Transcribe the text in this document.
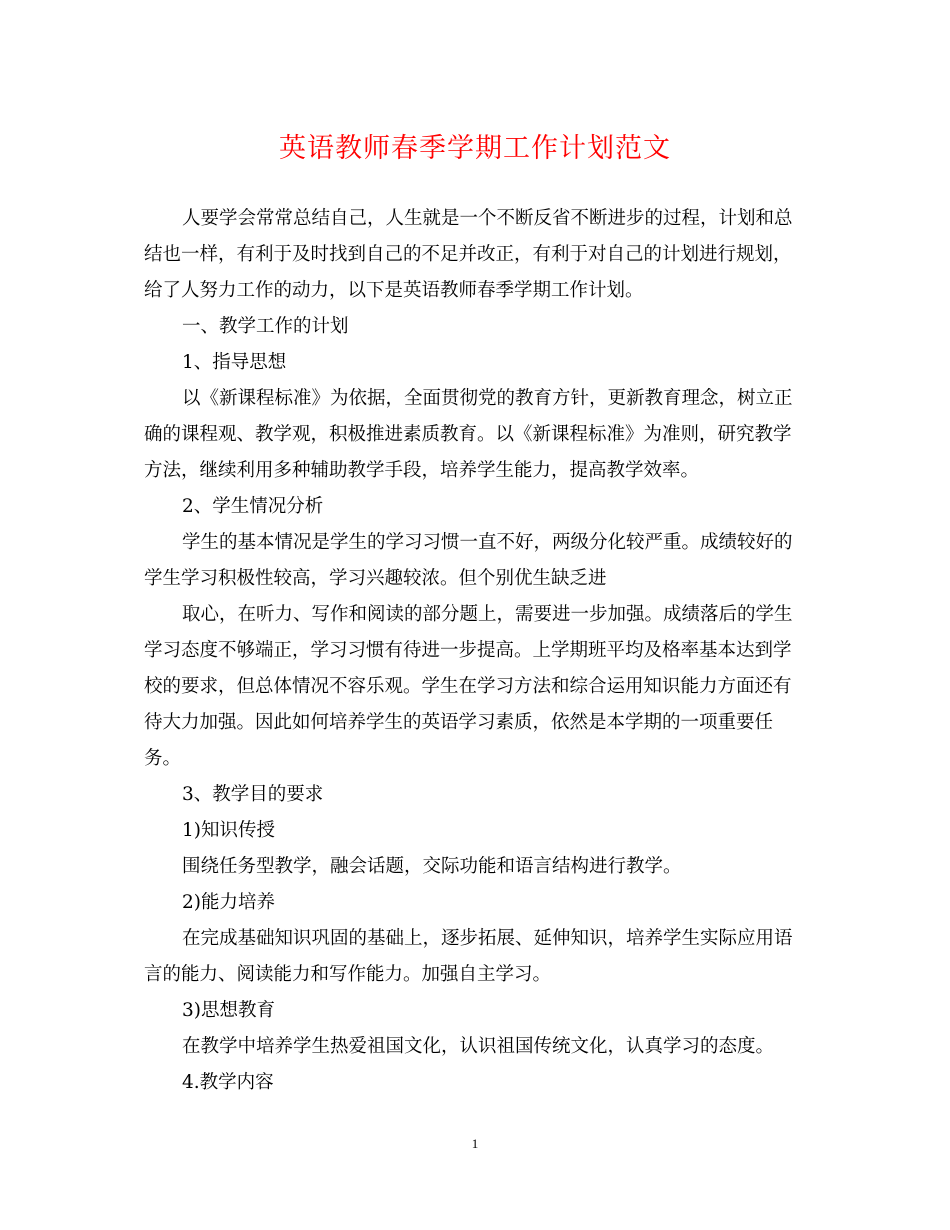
英语教师春季学期工作计划范文
人要学会常常总结自己，人生就是一个不断反省不断进步的过程，计划和总
结也一样，有利于及时找到自己的不足并改正，有利于对自己的计划进行规划，
给了人努力工作的动力，以下是英语教师春季学期工作计划。
一、教学工作的计划
1、指导思想
以《新课程标准》为依据，全面贯彻党的教育方针，更新教育理念，树立正
确的课程观、教学观，积极推进素质教育。以《新课程标准》为准则，研究教学
方法，继续利用多种辅助教学手段，培养学生能力，提高教学效率。
2、学生情况分析
学生的基本情况是学生的学习习惯一直不好，两级分化较严重。成绩较好的
学生学习积极性较高，学习兴趣较浓。但个别优生缺乏进
取心，在听力、写作和阅读的部分题上，需要进一步加强。成绩落后的学生
学习态度不够端正，学习习惯有待进一步提高。上学期班平均及格率基本达到学
校的要求，但总体情况不容乐观。学生在学习方法和综合运用知识能力方面还有
待大力加强。因此如何培养学生的英语学习素质，依然是本学期的一项重要任
务。
3、教学目的要求
1)知识传授
围绕任务型教学，融会话题，交际功能和语言结构进行教学。
2)能力培养
在完成基础知识巩固的基础上，逐步拓展、延伸知识，培养学生实际应用语
言的能力、阅读能力和写作能力。加强自主学习。
3)思想教育
在教学中培养学生热爱祖国文化，认识祖国传统文化，认真学习的态度。
4.教学内容
1
